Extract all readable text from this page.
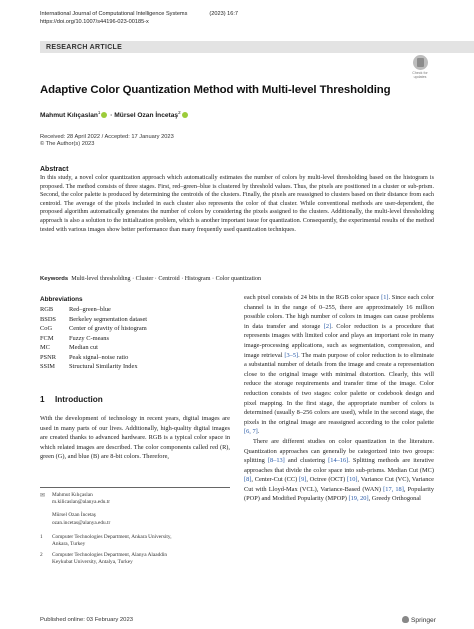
International Journal of Computational Intelligence Systems	(2023) 16:7
https://doi.org/10.1007/s44196-023-00185-x
RESEARCH ARTICLE
Check for updates
Adaptive Color Quantization Method with Multi-level Thresholding
Mahmut Kılıçaslan$^1$ · Mürsel Ozan İncetaş$^2$
Received: 28 April 2022 / Accepted: 17 January 2023
© The Author(s) 2023
Abstract
In this study, a novel color quantization approach which automatically estimates the number of colors by multi-level thresholding based on the histogram is proposed. The method consists of three stages. First, red–green–blue is clustered by threshold values. Thus, the pixels are positioned in a cluster or sub-prism. Second, the color palette is produced by determining the centroids of the clusters. Finally, the pixels are reassigned to clusters based on their distance from each centroid. The average of the pixels included in each cluster also represents the color of that cluster. While conventional methods are user-dependent, the proposed algorithm automatically generates the number of colors by considering the pixels assigned to the clusters. Additionally, the multi-level thresholding approach is also a solution to the initialization problem, which is another important issue for quantization. Consequently, the experimental results of the method tested with various images show better performance than many frequently used quantization techniques.
Keywords Multi-level thresholding · Cluster · Centroid · Histogram · Color quantization
Abbreviations
RGB	Red–green–blue
BSDS	Berkeley segmentation dataset
CoG	Center of gravity of histogram
FCM	Fuzzy C-means
MC	Median cut
PSNR	Peak signal–noise ratio
SSIM	Structural Similarity Index
1 Introduction
With the development of technology in recent years, digital images are used in many parts of our lives. Additionally, high-quality digital images are created thanks to advanced hardware. RGB is a typical color space in which related images are described. The color components called red (R), green (G), and blue (B) are 8-bit colors. Therefore,

each pixel consists of 24 bits in the RGB color space [1]. Since each color channel is in the range of 0–255, there are approximately 16 million possible colors. The high number of colors in images can cause problems in data transfer and storage [2]. Color reduction is a procedure that represents images with limited color and plays an important role in many image-processing applications, such as segmentation, compression, and image retrieval [3–5]. The main purpose of color reduction is to eliminate a substantial number of details from the image and create a representation close to the original image with minimal distortion. Clearly, this will reduce the storage requirements and transfer time of the image. Color reduction consists of two stages: color palette or codebook design and pixel mapping. In the first stage, the appropriate number of colors is determined (usually 8–256 colors are used), while in the second stage, the pixels in the original image are reassigned according to the color palette [6, 7].

There are different studies on color quantization in the literature. Quantization approaches can generally be categorized into two groups: splitting [8–13] and clustering [14–16]. Splitting methods are iterative approaches that divide the color space into sub-prisms. Median Cut (MC) [8], Center-Cut (CC) [9], Octree (OCT) [10], Variance Cut (VC), Variance Cut with Lloyd-Max (VCL), Variance-Based (WAN) [17, 18], Popularity (POP) and Modified Popularity (MPOP) [19, 20], Greedy Orthogonal

✉ Mahmut Kılıçaslan
m.kilicaslan@alanya.edu.tr
Mürsel Ozan İncetaş
ozan.incetas@alanya.edu.tr
1 Computer Technologies Department, Ankara University,
Ankara, Turkey
2 Computer Technologies Department, Alanya Alaaddin
Keykubat University, Antalya, Turkey
Published online: 03 February 2023	Springer
